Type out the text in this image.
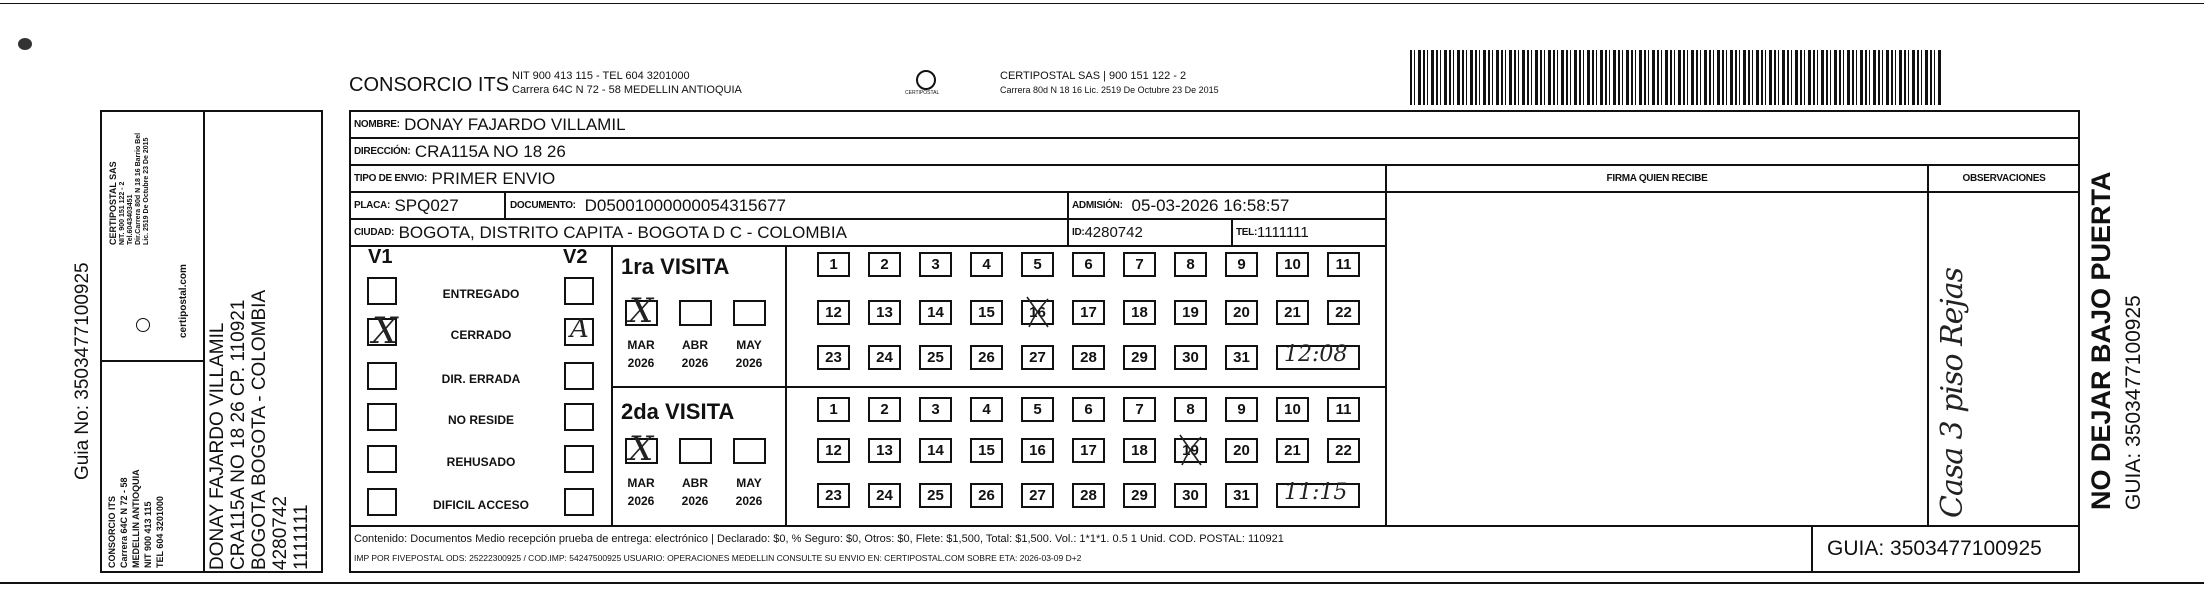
Guia No: 3503477100925
CONSORCIO ITS Carrera 64C N 72 - 58 MEDELLIN ANTIOQUIA NIT 900 413 115 TEL 604 3201000
CERTIPOSTAL SAS NIT. 900 151 122 - 2 Tel.6043403451 Dir.Carrera 80d N 18 16 Barrio Bel Lic. 2519 De Octubre 23 De 2015
certipostal.com
DONAY FAJARDO VILLAMIL CRA115A NO 18 26 CP. 110921 BOGOTA BOGOTA - COLOMBIA 4280742 1111111
CONSORCIO ITS NIT 900 413 115 - TEL 604 3201000
Carrera 64C N 72 - 58 MEDELLIN ANTIOQUIA	CERTIPOSTAL
CERTIPOSTAL SAS | 900 151 122 - 2
Carrera 80d N 18 16 Lic. 2519 De Octubre 23 De 2015
NOMBRE:
DONAY FAJARDO VILLAMIL
DIRECCIÓN:
CRA115A NO 18 26
TIPO DE ENVIO:
PRIMER ENVIO
PLACA:
SPQ027	DOCUMENTO:
D05001000000054315677	ADMISIÓN:
05-03-2026 16:58:57
CIUDAD:
BOGOTA, DISTRITO CAPITA - BOGOTA D C - COLOMBIA	ID: 4280742	TEL: 1111111
FIRMA QUIEN RECIBE	OBSERVACIONES
Casa 3 piso Rejas
V1	V2
ENTREGADO
CERRADO
X	A
DIR. ERRADA
NO RESIDE
REHUSADO
DIFICIL ACCESO
1ra VISITA
MAR
2026
X
ABR
2026
MAY
2026
1	2	3	4	5	6	7	8	9	10	11
12	13	14	15	16	17	18	19	20	21	22
23	24	25	26	27	28	29	30	31	12:08
2da VISITA
MAR
2026
X
ABR
2026
MAY
2026
1	2	3	4	5	6	7	8	9	10	11
12	13	14	15	16	17	18	19	20	21	22
23	24	25	26	27	28	29	30	31	11:15
Contenido: Documentos Medio recepción prueba de entrega: electrónico | Declarado: $0, % Seguro: $0, Otros: $0, Flete: $1,500, Total: $1,500. Vol.: 1*1*1. 0.5 1 Unid. COD. POSTAL: 110921
IMP POR FIVEPOSTAL ODS: 25222300925 / COD.IMP: 54247500925 USUARIO: OPERACIONES MEDELLIN CONSULTE SU ENVIO EN: CERTIPOSTAL.COM SOBRE ETA: 2026-03-09 D+2	GUIA: 3503477100925
NO DEJAR BAJO PUERTA GUIA: 3503477100925
